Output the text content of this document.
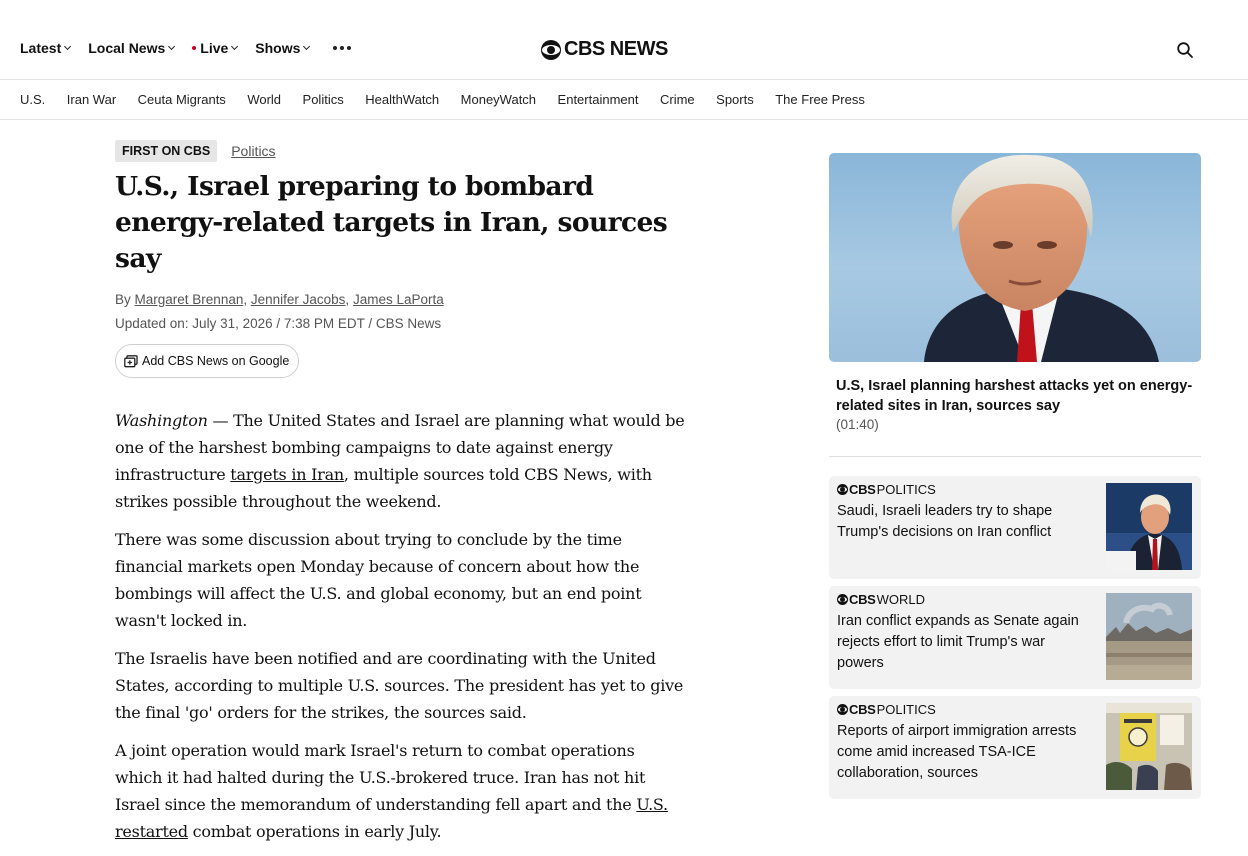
Latest Local News	Live Shows	CBS NEWS
U.S. Iran War Ceuta Migrants World Politics HealthWatch MoneyWatch Entertainment Crime Sports The Free Press
FIRST ON CBS	Politics
U.S., Israel preparing to bombard energy-related targets in Iran, sources say
By Margaret Brennan, Jennifer Jacobs, James LaPorta
Updated on: July 31, 2026 / 7:38 PM EDT / CBS News
Add CBS News on Google

Washington — The United States and Israel are planning what would be one of the harshest bombing campaigns to date against energy infrastructure targets in Iran, multiple sources told CBS News, with strikes possible throughout the weekend.

There was some discussion about trying to conclude by the time financial markets open Monday because of concern about how the bombings will affect the U.S. and global economy, but an end point wasn't locked in.

The Israelis have been notified and are coordinating with the United States, according to multiple U.S. sources. The president has yet to give the final 'go' orders for the strikes, the sources said.

A joint operation would mark Israel's return to combat operations which it had halted during the U.S.-brokered truce. Iran has not hit Israel since the memorandum of understanding fell apart and the U.S. restarted combat operations in early July.

U.S, Israel planning harshest attacks yet on energy-related sites in Iran, sources say
(01:40)
CBS POLITICS
Saudi, Israeli leaders try to shape Trump's decisions on Iran conflict
CBS WORLD
Iran conflict expands as Senate again rejects effort to limit Trump's war powers
CBS POLITICS
Reports of airport immigration arrests come amid increased TSA-ICE collaboration, sources
